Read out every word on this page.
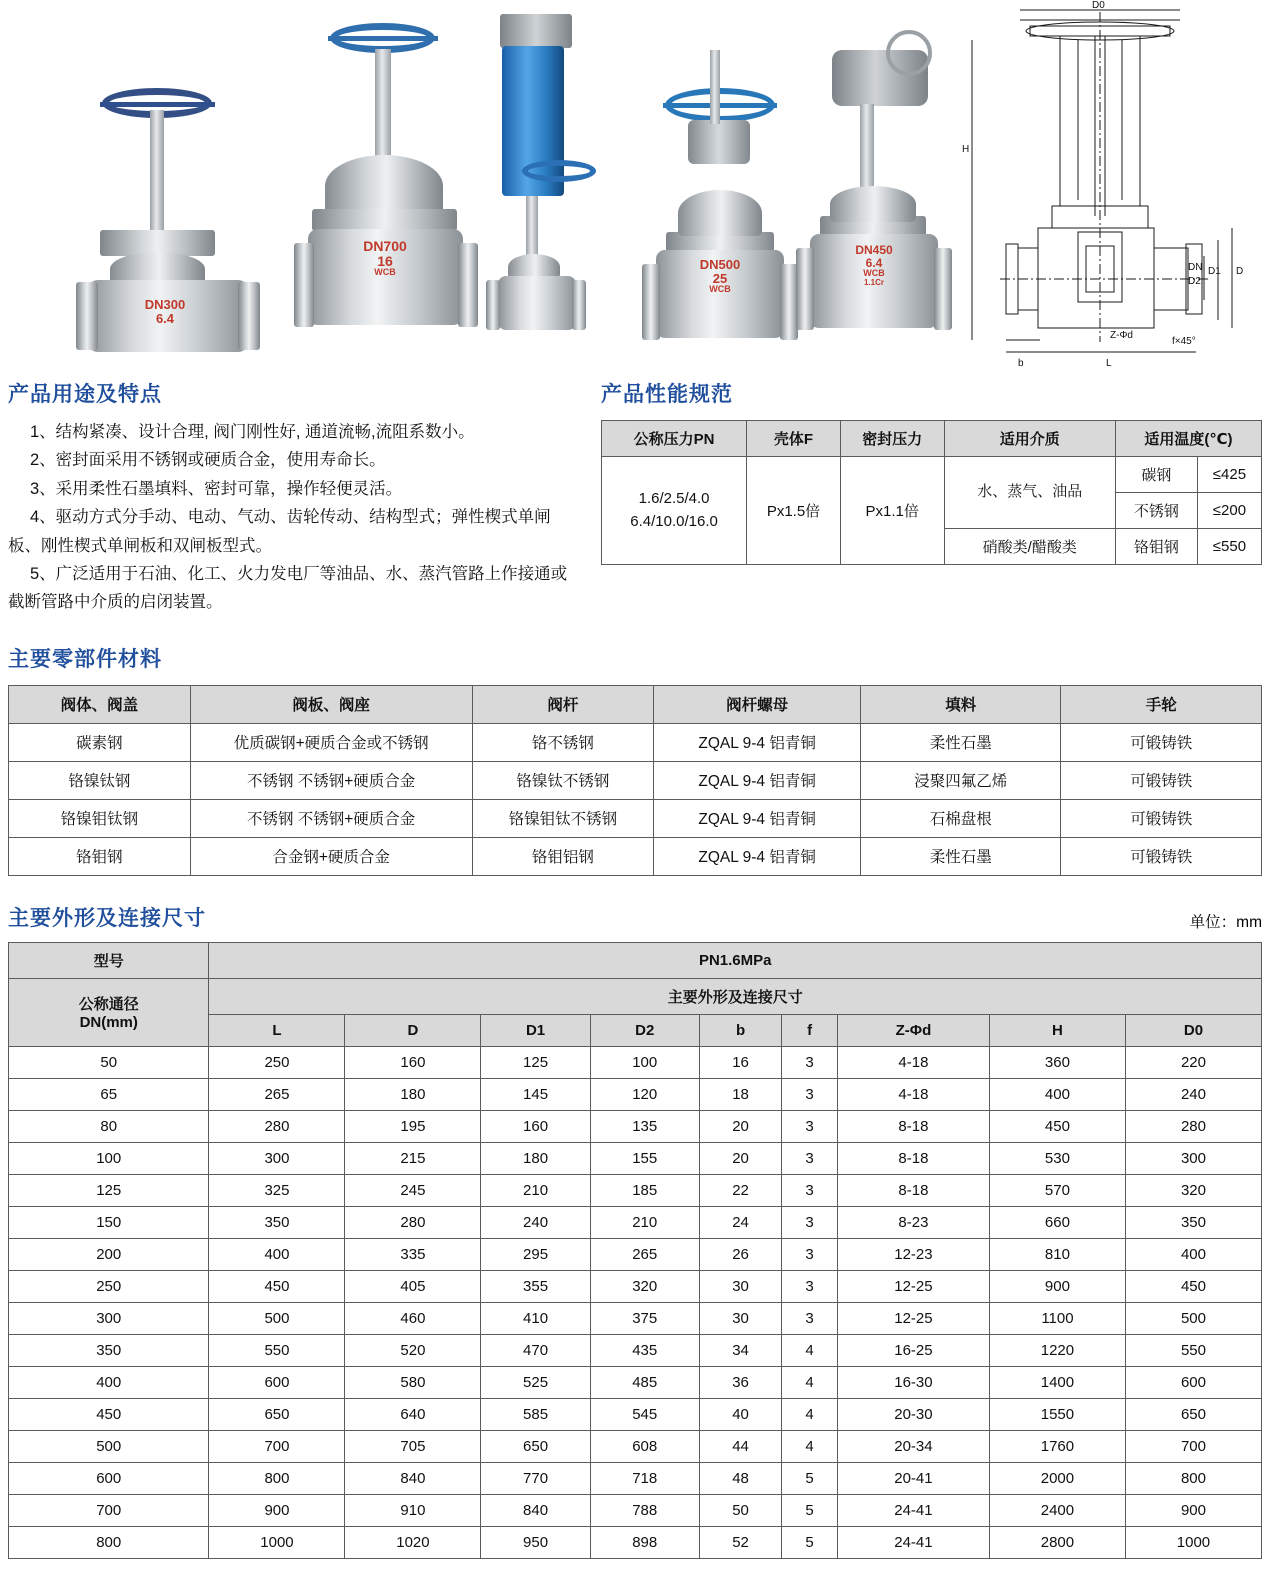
DN300
6.4
DN700
16
WCB
DN500
25
WCB
DN450
6.4
WCB
1.1Cr
D0
H
DN
D2
D1 D
Z-Φd
f×45°
b	L
产品用途及特点
1、结构紧凑、设计合理, 阀门刚性好, 通道流畅,流阻系数小。
2、密封面采用不锈钢或硬质合金，使用寿命长。
3、采用柔性石墨填料、密封可靠，操作轻便灵活。
4、驱动方式分手动、电动、气动、齿轮传动、结构型式；弹性楔式单闸板、刚性楔式单闸板和双闸板型式。
5、广泛适用于石油、化工、火力发电厂等油品、水、蒸汽管路上作接通或截断管路中介质的启闭装置。
产品性能规范
公称压力PN	壳体F	密封压力	适用介质	适用温度(℃)	

1.6/2.5/4.0
6.4/10.0/16.0	Px1.5倍	Px1.1倍	水、蒸气、油品	碳钢	≤425
				不锈钢	≤200
			硝酸类/醋酸类	铬钼钢	≤550
主要零部件材料
阀体、阀盖	阀板、阀座	阀杆	阀杆螺母	填料	手轮
碳素钢	优质碳钢+硬质合金或不锈钢	铬不锈钢	ZQAL 9-4 铝青铜	柔性石墨	可锻铸铁
铬镍钛钢	不锈钢 不锈钢+硬质合金	铬镍钛不锈钢	ZQAL 9-4 铝青铜	浸聚四氟乙烯	可锻铸铁
铬镍钼钛钢	不锈钢 不锈钢+硬质合金	铬镍钼钛不锈钢	ZQAL 9-4 铝青铜	石棉盘根	可锻铸铁
铬钼钢	合金钢+硬质合金	铬钼铝钢	ZQAL 9-4 铝青铜	柔性石墨	可锻铸铁
主要外形及连接尺寸	单位：mm
型号	PN1.6MPa								

公称通径
DN(mm)	主要外形及连接尺寸								
	L	D	D1	D2	b	f	Z-Φd	H	D0
50	250	160	125	100	16	3	4-18	360	220
65	265	180	145	120	18	3	4-18	400	240
80	280	195	160	135	20	3	8-18	450	280
100	300	215	180	155	20	3	8-18	530	300
125	325	245	210	185	22	3	8-18	570	320
150	350	280	240	210	24	3	8-23	660	350
200	400	335	295	265	26	3	12-23	810	400
250	450	405	355	320	30	3	12-25	900	450
300	500	460	410	375	30	3	12-25	1100	500
350	550	520	470	435	34	4	16-25	1220	550
400	600	580	525	485	36	4	16-30	1400	600
450	650	640	585	545	40	4	20-30	1550	650
500	700	705	650	608	44	4	20-34	1760	700
600	800	840	770	718	48	5	20-41	2000	800
700	900	910	840	788	50	5	24-41	2400	900
800	1000	1020	950	898	52	5	24-41	2800	1000
